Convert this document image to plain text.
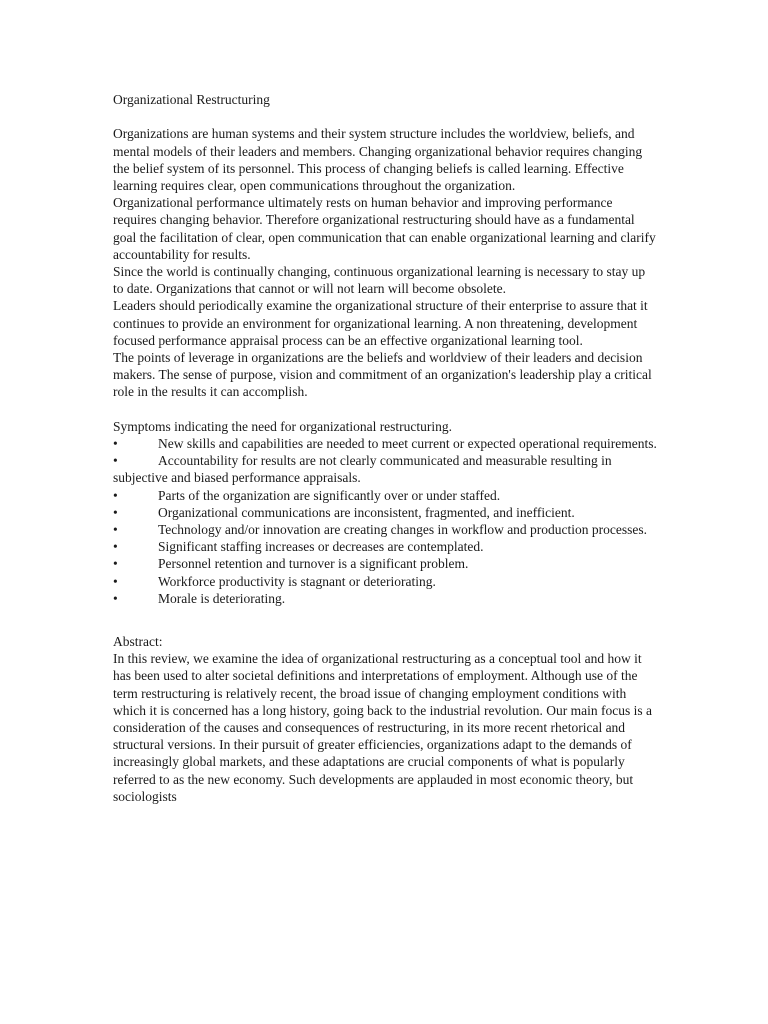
Organizational Restructuring

Organizations are human systems and their system structure includes the worldview, beliefs, and mental models of their leaders and members. Changing organizational behavior requires changing the belief system of its personnel. This process of changing beliefs is called learning. Effective learning requires clear, open communications throughout the organization.

Organizational performance ultimately rests on human behavior and improving performance requires changing behavior. Therefore organizational restructuring should have as a fundamental goal the facilitation of clear, open communication that can enable organizational learning and clarify accountability for results.

Since the world is continually changing, continuous organizational learning is necessary to stay up to date. Organizations that cannot or will not learn will become obsolete.

Leaders should periodically examine the organizational structure of their enterprise to assure that it continues to provide an environment for organizational learning. A non threatening, development focused performance appraisal process can be an effective organizational learning tool.

The points of leverage in organizations are the beliefs and worldview of their leaders and decision makers. The sense of purpose, vision and commitment of an organization's leadership play a critical role in the results it can accomplish.

Symptoms indicating the need for organizational restructuring.

•	New skills and capabilities are needed to meet current or expected operational requirements.
•	Accountability for results are not clearly communicated and measurable resulting in subjective and biased performance appraisals.
•	Parts of the organization are significantly over or under staffed.
•	Organizational communications are inconsistent, fragmented, and inefficient.
•	Technology and/or innovation are creating changes in workflow and production processes.
•	Significant staffing increases or decreases are contemplated.
•	Personnel retention and turnover is a significant problem.
•	Workforce productivity is stagnant or deteriorating.
•	Morale is deteriorating.

Abstract:

In this review, we examine the idea of organizational restructuring as a conceptual tool and how it has been used to alter societal definitions and interpretations of employment. Although use of the term restructuring is relatively recent, the broad issue of changing employment conditions with which it is concerned has a long history, going back to the industrial revolution. Our main focus is a consideration of the causes and consequences of restructuring, in its more recent rhetorical and structural versions. In their pursuit of greater efficiencies, organizations adapt to the demands of increasingly global markets, and these adaptations are crucial components of what is popularly referred to as the new economy. Such developments are applauded in most economic theory, but sociologists
